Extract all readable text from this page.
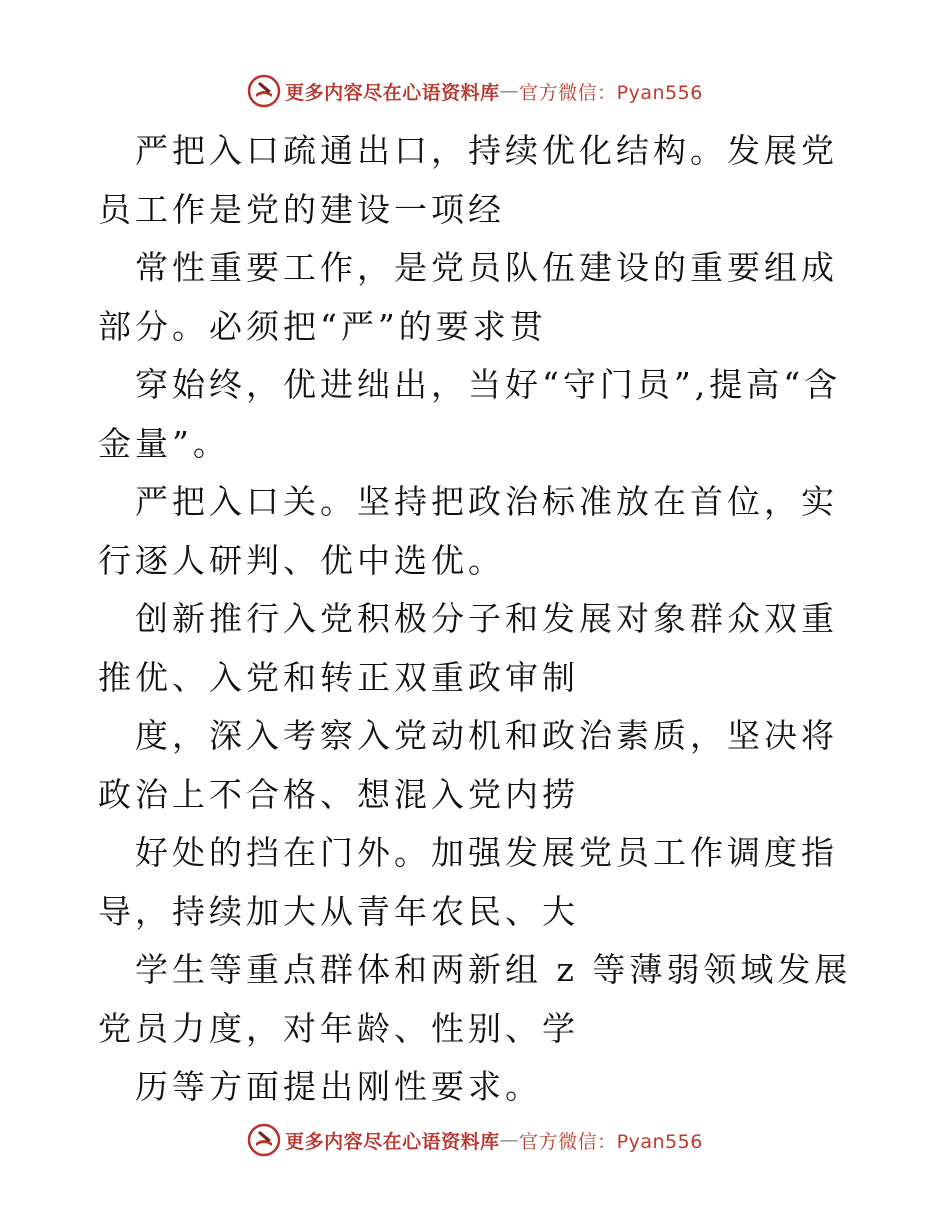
更多内容尽在心语资料库 — 官方微信：Pyan556

严把入口疏通出口，持续优化结构。发展党员工作是党的建设一项经

常性重要工作，是党员队伍建设的重要组成部分。必须把“严”的要求贯

穿始终，优进绌出，当好“守门员”,提高“含金量”。

严把入口关。坚持把政治标准放在首位，实行逐人研判、优中选优。

创新推行入党积极分子和发展对象群众双重推优、入党和转正双重政审制

度，深入考察入党动机和政治素质，坚决将政治上不合格、想混入党内捞

好处的挡在门外。加强发展党员工作调度指导，持续加大从青年农民、大

学生等重点群体和两新组 z 等薄弱领域发展党员力度，对年龄、性别、学

历等方面提出刚性要求。

更多内容尽在心语资料库 — 官方微信：Pyan556
